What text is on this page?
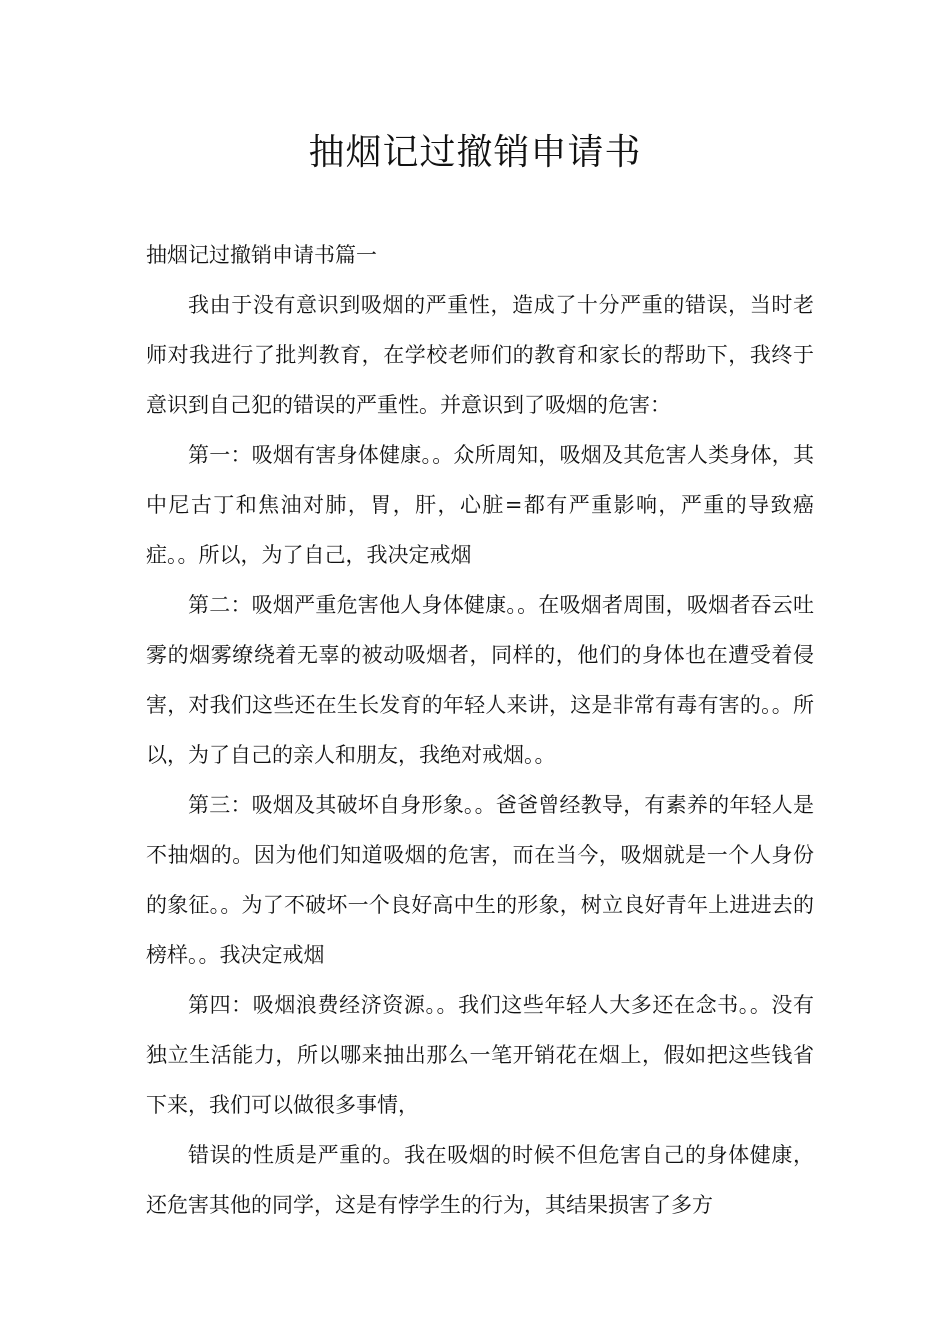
抽烟记过撤销申请书

抽烟记过撤销申请书篇一

我由于没有意识到吸烟的严重性，造成了十分严重的错误，当时老师对我进行了批判教育，在学校老师们的教育和家长的帮助下，我终于意识到自己犯的错误的严重性。并意识到了吸烟的危害：

第一：吸烟有害身体健康。。众所周知，吸烟及其危害人类身体，其中尼古丁和焦油对肺，胃，肝，心脏=都有严重影响，严重的导致癌症。。所以，为了自己，我决定戒烟

第二：吸烟严重危害他人身体健康。。在吸烟者周围，吸烟者吞云吐雾的烟雾缭绕着无辜的被动吸烟者，同样的，他们的身体也在遭受着侵害，对我们这些还在生长发育的年轻人来讲，这是非常有毒有害的。。所以，为了自己的亲人和朋友，我绝对戒烟。。

第三：吸烟及其破坏自身形象。。爸爸曾经教导，有素养的年轻人是不抽烟的。因为他们知道吸烟的危害，而在当今，吸烟就是一个人身份的象征。。为了不破坏一个良好高中生的形象，树立良好青年上进进去的榜样。。我决定戒烟

第四：吸烟浪费经济资源。。我们这些年轻人大多还在念书。。没有独立生活能力，所以哪来抽出那么一笔开销花在烟上，假如把这些钱省下来，我们可以做很多事情，

错误的性质是严重的。我在吸烟的时候不但危害自己的身体健康，还危害其他的同学，这是有悖学生的行为，其结果损害了多方
